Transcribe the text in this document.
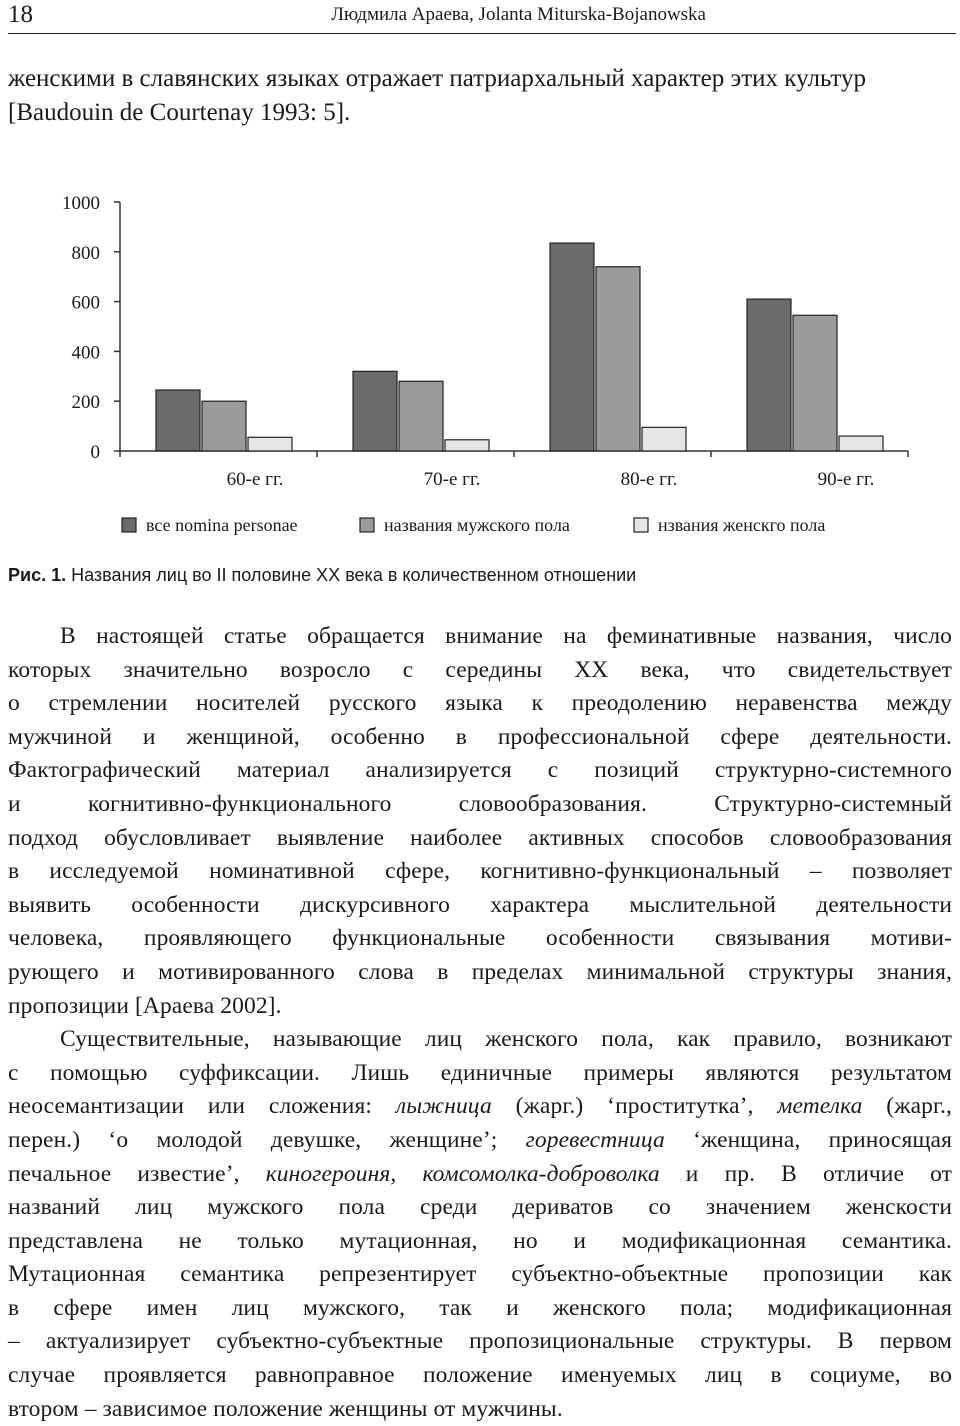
18	Людмила Араева, Jolanta Miturska-Bojanowska
женскими в славянских языках отражает патриархальный характер этих культур
[Baudouin de Courtenay 1993: 5].
0
200
400
600
800
1000
60-е гг.	70-е гг.	80-е гг.	90-е гг.
все nomina personae	названия мужского пола	нзвания женскго пола
Рис. 1. Названия лиц во II половине XX века в количественном отношении
В настоящей статье обращается внимание на феминативные названия, число
которых значительно возросло с середины XX века, что свидетельствует
о стремлении носителей русского языка к преодолению неравенства между
мужчиной и женщиной, особенно в профессиональной сфере деятельности.
Фактографический материал анализируется с позиций структурно-системного
и когнитивно-функционального словообразования. Структурно-системный
подход обусловливает выявление наиболее активных способов словообразования
в исследуемой номинативной сфере, когнитивно-функциональный – позволяет
выявить особенности дискурсивного характера мыслительной деятельности
человека, проявляющего функциональные особенности связывания мотиви-
рующего и мотивированного слова в пределах минимальной структуры знания,
пропозиции [Араева 2002].
Существительные, называющие лиц женского пола, как правило, возникают
с помощью суффиксации. Лишь единичные примеры являются результатом
неосемантизации или сложения: лыжница (жарг.) ‘проститутка’, метелка (жарг.,
перен.) ‘о молодой девушке, женщине’; горевестница ‘женщина, приносящая
печальное известие’, киногероиня, комсомолка-доброволка и пр. В отличие от
названий лиц мужского пола среди дериватов со значением женскости
представлена не только мутационная, но и модификационная семантика.
Мутационная семантика репрезентирует субъектно-объектные пропозиции как
в сфере имен лиц мужского, так и женского пола; модификационная
– актуализирует субъектно-субъектные пропозициональные структуры. В первом
случае проявляется равноправное положение именуемых лиц в социуме, во
втором – зависимое положение женщины от мужчины.
